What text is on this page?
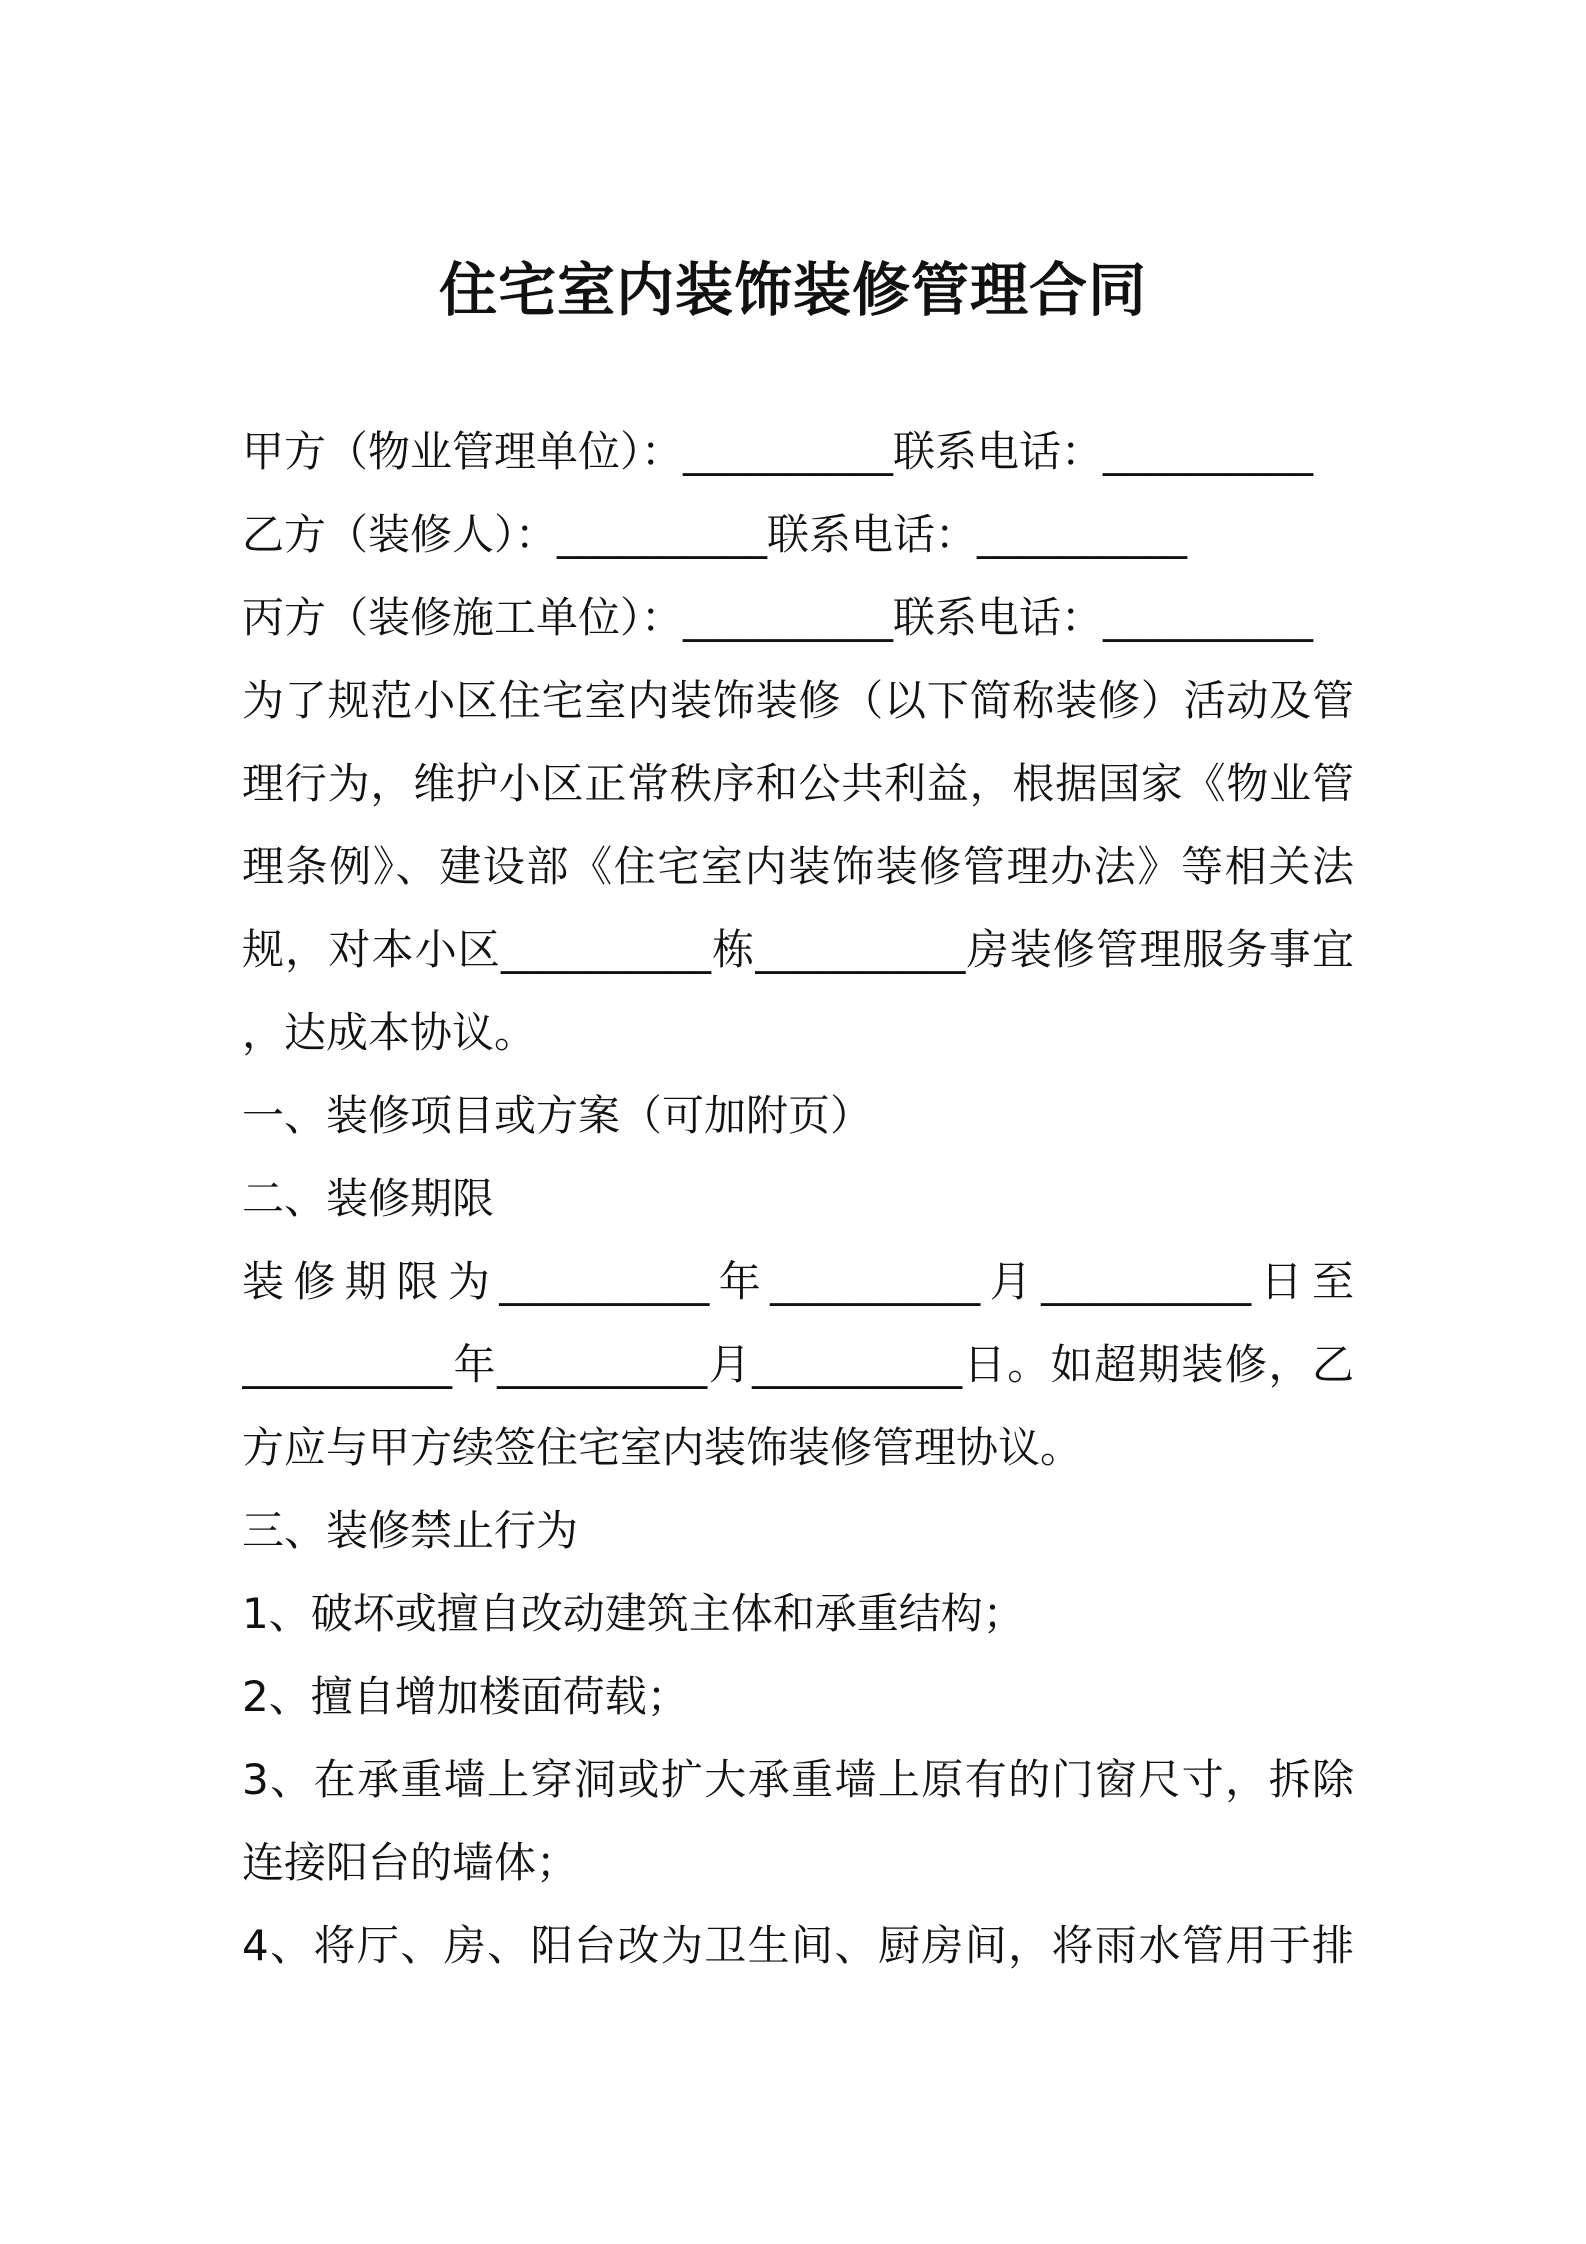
住宅室内装饰装修管理合同
甲方（物业管理单位）：__________联系电话：__________
乙方（装修人）：__________联系电话：__________
丙方（装修施工单位）：__________联系电话：__________
为了规范小区住宅室内装饰装修（以下简称装修）活动及管
理行为，维护小区正常秩序和公共利益，根据国家《物业管
理条例》、建设部《住宅室内装饰装修管理办法》等相关法
规，对本小区__________栋__________房装修管理服务事宜
，达成本协议。
一、装修项目或方案（可加附页）
二、装修期限
装修期限为__________年__________月__________日至
__________年__________月__________日。如超期装修，乙
方应与甲方续签住宅室内装饰装修管理协议。
三、装修禁止行为
1、破坏或擅自改动建筑主体和承重结构；
2、擅自增加楼面荷载；
3、在承重墙上穿洞或扩大承重墙上原有的门窗尺寸，拆除
连接阳台的墙体；
4、将厅、房、阳台改为卫生间、厨房间，将雨水管用于排
